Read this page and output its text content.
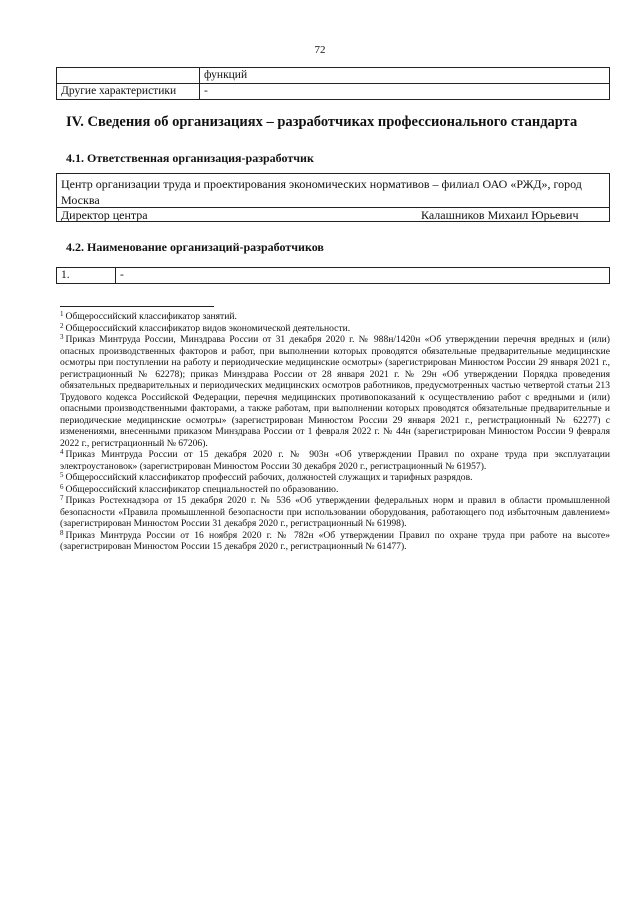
72
	функций
Другие характеристики	-
IV. Сведения об организациях – разработчиках профессионального стандарта
4.1. Ответственная организация-разработчик
Центр организации труда и проектирования экономических нормативов – филиал ОАО «РЖД», город Москва
Директор центра	Калашников Михаил Юрьевич
4.2. Наименование организаций-разработчиков
1.	-

$^1$ Общероссийский классификатор занятий.

$^2$ Общероссийский классификатор видов экономической деятельности.

$^3$ Приказ Минтруда России, Минздрава России от 31 декабря 2020 г. № 988н/1420н «Об утверждении перечня вредных и (или) опасных производственных факторов и работ, при выполнении которых проводятся обязательные предварительные медицинские осмотры при поступлении на работу и периодические медицинские осмотры» (зарегистрирован Минюстом России 29 января 2021 г., регистрационный № 62278); приказ Минздрава России от 28 января 2021 г. № 29н «Об утверждении Порядка проведения обязательных предварительных и периодических медицинских осмотров работников, предусмотренных частью четвертой статьи 213 Трудового кодекса Российской Федерации, перечня медицинских противопоказаний к осуществлению работ с вредными и (или) опасными производственными факторами, а также работам, при выполнении которых проводятся обязательные предварительные и периодические медицинские осмотры» (зарегистрирован Минюстом России 29 января 2021 г., регистрационный № 62277) с изменениями, внесенными приказом Минздрава России от 1 февраля 2022 г. № 44н (зарегистрирован Минюстом России 9 февраля 2022 г., регистрационный № 67206).

$^4$ Приказ Минтруда России от 15 декабря 2020 г. № 903н «Об утверждении Правил по охране труда при эксплуатации электроустановок» (зарегистрирован Минюстом России 30 декабря 2020 г., регистрационный № 61957).

$^5$ Общероссийский классификатор профессий рабочих, должностей служащих и тарифных разрядов.

$^6$ Общероссийский классификатор специальностей по образованию.

$^7$ Приказ Ростехнадзора от 15 декабря 2020 г. № 536 «Об утверждении федеральных норм и правил в области промышленной безопасности «Правила промышленной безопасности при использовании оборудования, работающего под избыточным давлением» (зарегистрирован Минюстом России 31 декабря 2020 г., регистрационный № 61998).

$^8$ Приказ Минтруда России от 16 ноября 2020 г. № 782н «Об утверждении Правил по охране труда при работе на высоте» (зарегистрирован Минюстом России 15 декабря 2020 г., регистрационный № 61477).
